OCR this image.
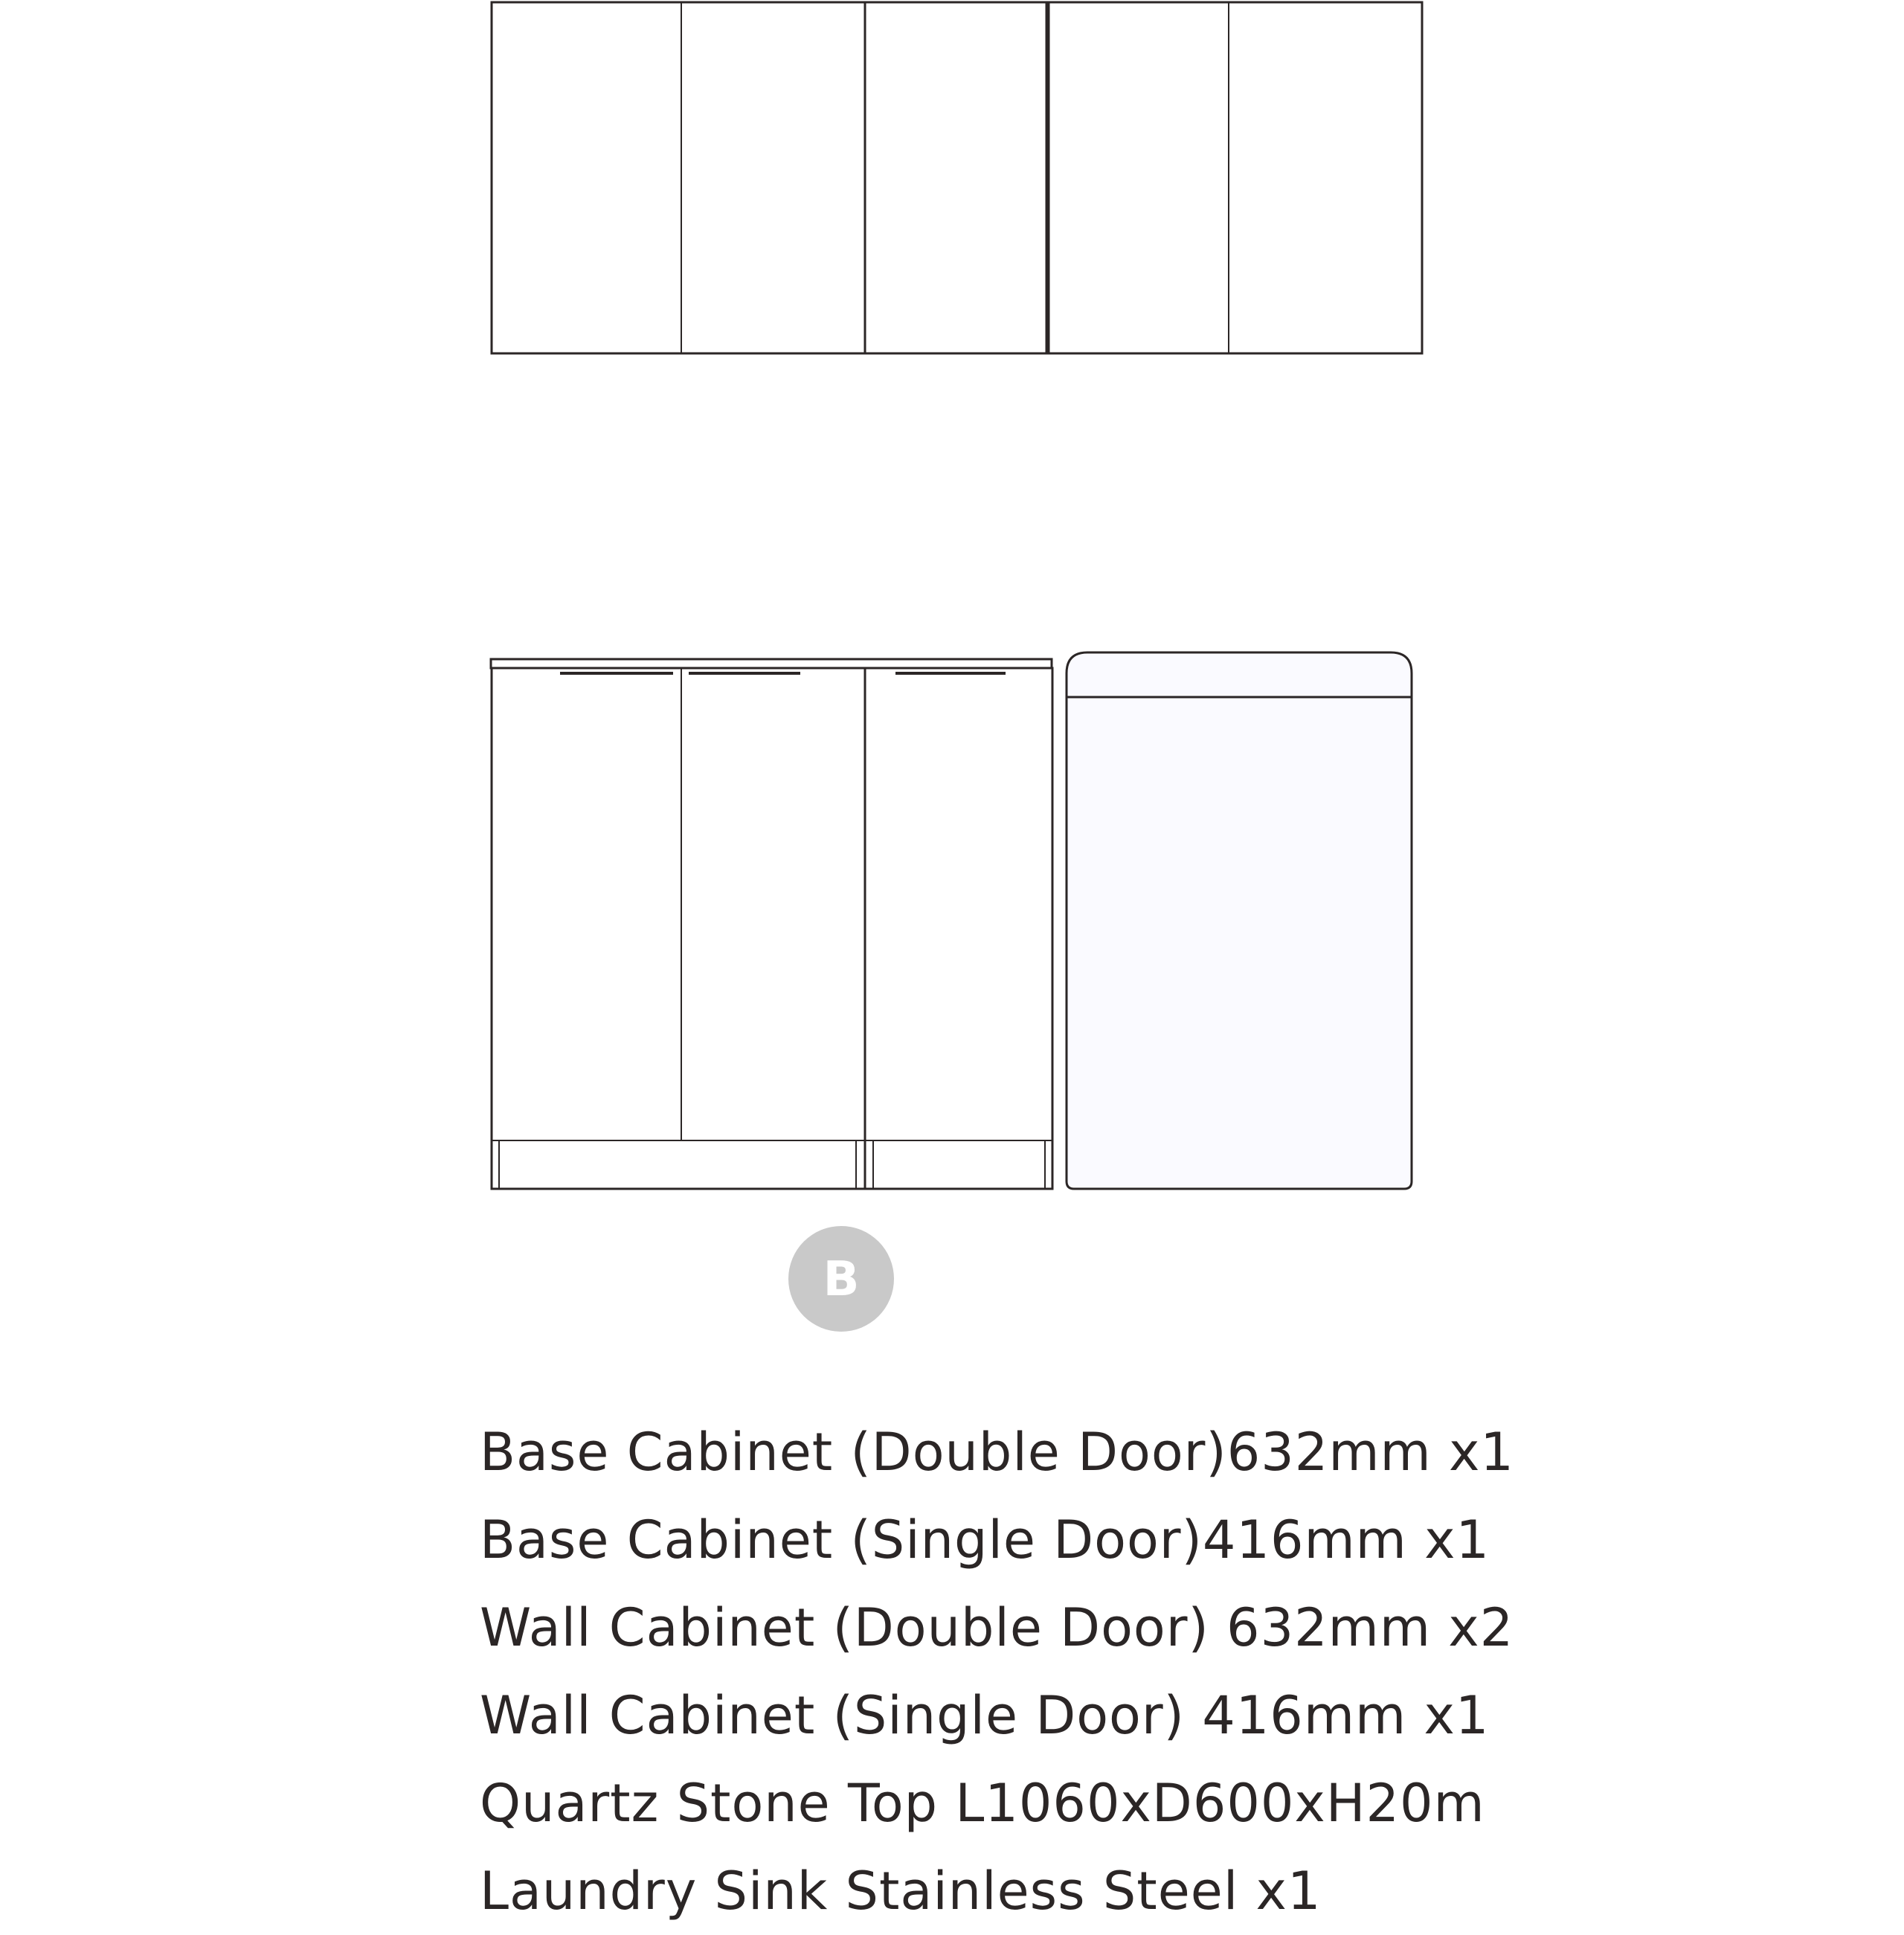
B
Base Cabinet (Double Door)632mm x1
Base Cabinet (Single Door)416mm x1
Wall Cabinet (Double Door) 632mm x2
Wall Cabinet (Single Door) 416mm x1
Quartz Stone Top L1060xD600xH20m
Laundry Sink Stainless Steel x1
